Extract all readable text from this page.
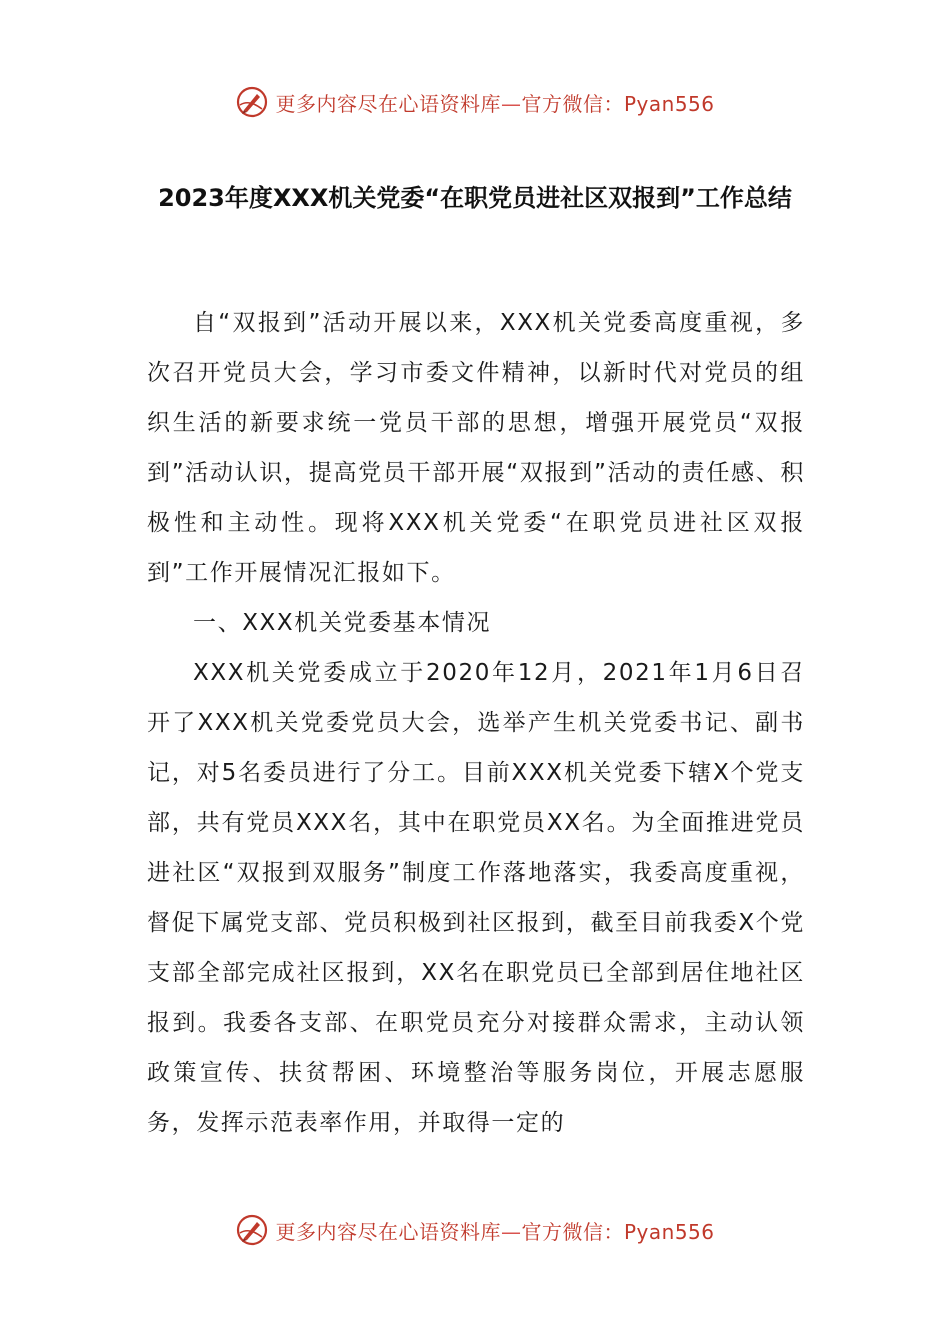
更多内容尽在心语资料库—官方微信：Pyan556
2023年度XXX机关党委“在职党员进社区双报到”工作总结

自“双报到”活动开展以来，XXX机关党委高度重视，多次召开党员大会，学习市委文件精神，以新时代对党员的组织生活的新要求统一党员干部的思想，增强开展党员“双报到”活动认识，提高党员干部开展“双报到”活动的责任感、积极性和主动性。现将XXX机关党委“在职党员进社区双报到”工作开展情况汇报如下。

一、XXX机关党委基本情况

XXX机关党委成立于2020年12月，2021年1月6日召开了XXX机关党委党员大会，选举产生机关党委书记、副书记，对5名委员进行了分工。目前XXX机关党委下辖X个党支部，共有党员XXX名，其中在职党员XX名。为全面推进党员进社区“双报到双服务”制度工作落地落实，我委高度重视，督促下属党支部、党员积极到社区报到，截至目前我委X个党支部全部完成社区报到，XX名在职党员已全部到居住地社区报到。我委各支部、在职党员充分对接群众需求，主动认领政策宣传、扶贫帮困、环境整治等服务岗位，开展志愿服务，发挥示范表率作用，并取得一定的

更多内容尽在心语资料库—官方微信：Pyan556
